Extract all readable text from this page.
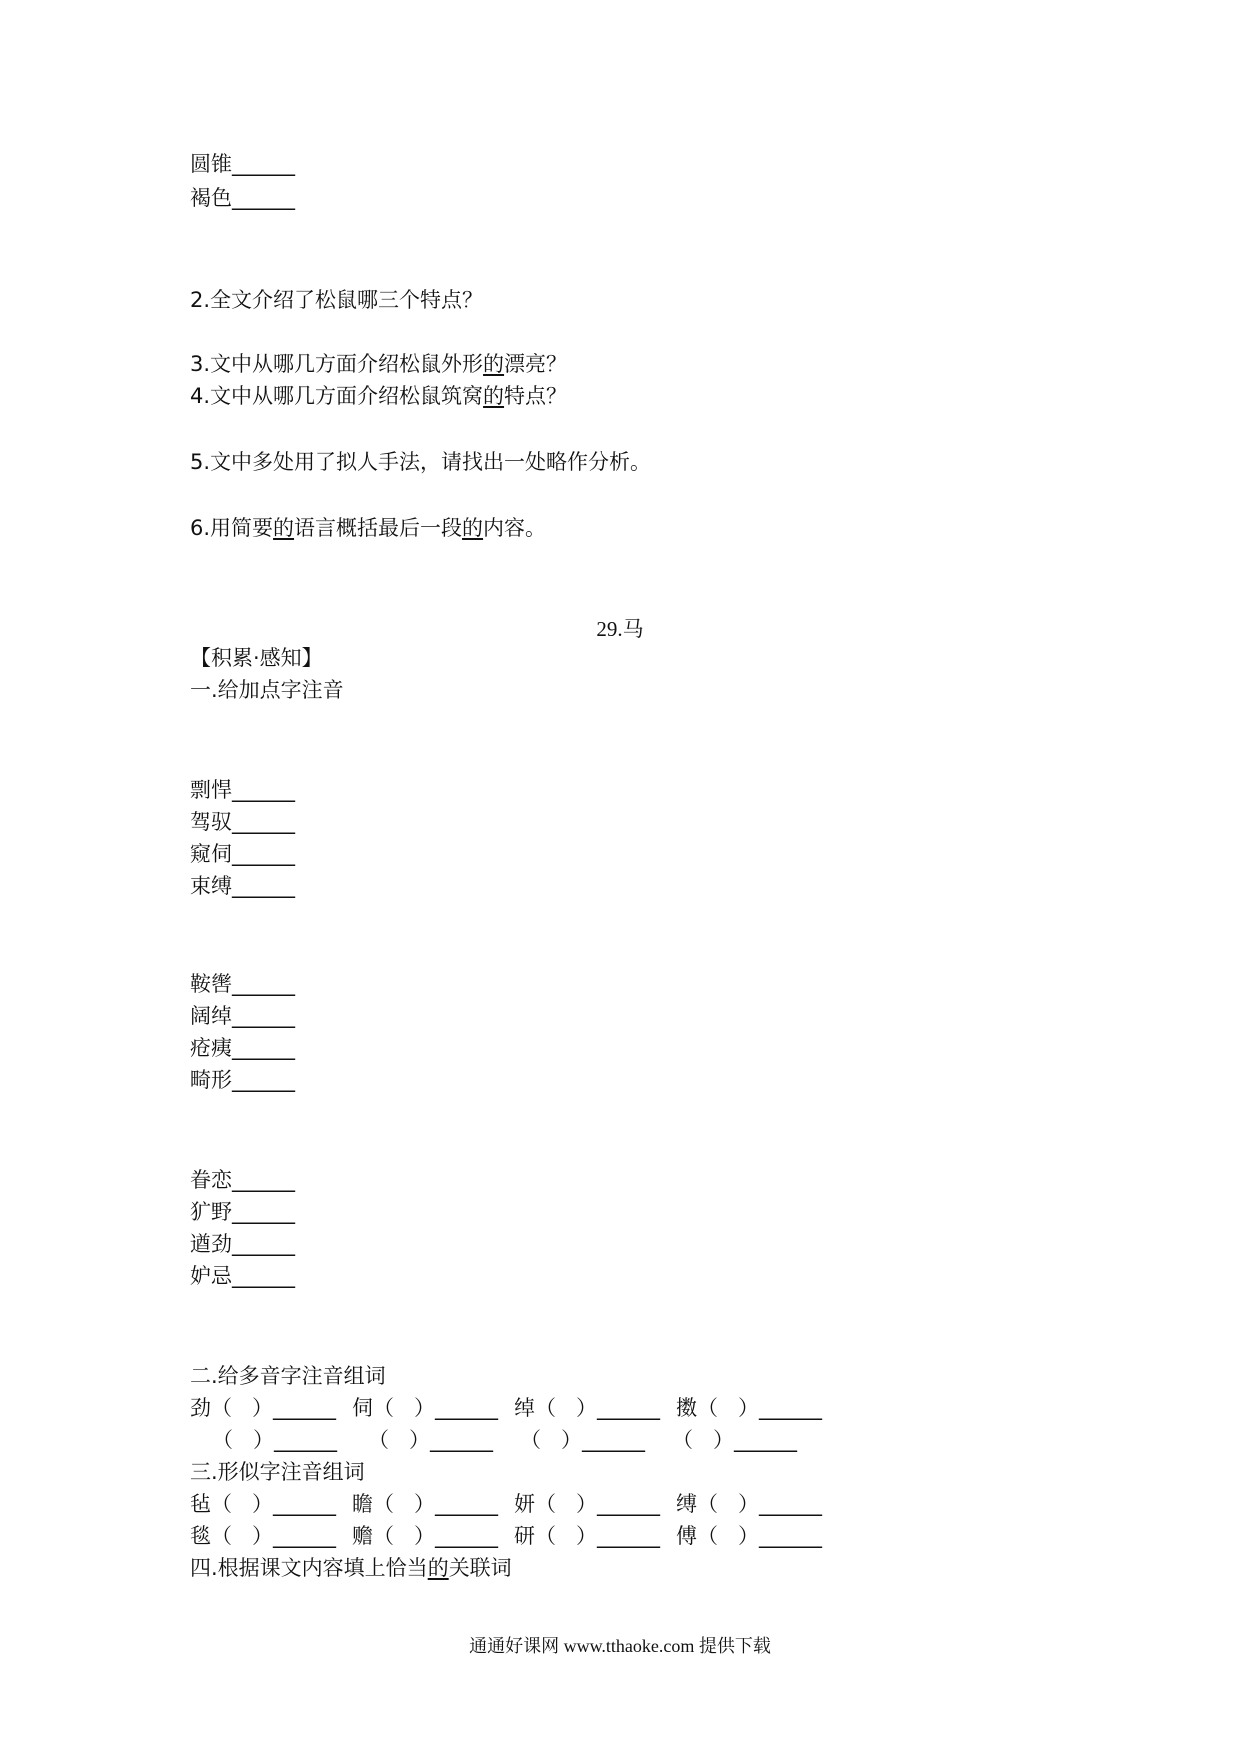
圆锥______
褐色______
2.全文介绍了松鼠哪三个特点？
3.文中从哪几方面介绍松鼠外形的漂亮？
4.文中从哪几方面介绍松鼠筑窝的特点？
5.文中多处用了拟人手法，请找出一处略作分析。
6.用简要的语言概括最后一段的内容。
29.马
【积累·感知】
一.给加点字注音
剽悍______
驾驭______
窥伺______
束缚______
鞍辔______
阔绰______
疮痍______
畸形______
眷恋______
犷野______
遒劲______
妒忌______
二.给多音字注音组词

劲（   ）______

伺（   ）______

绰（   ）______

擞（   ）______

（   ）______

（   ）______

（   ）______

（   ）______

三.形似字注音组词

毡（   ）______

瞻（   ）______

妍（   ）______

缚（   ）______

毯（   ）______

赡（   ）______

研（   ）______

傅（   ）______

四.根据课文内容填上恰当的关联词
通通好课网 www.tthaoke.com 提供下载
